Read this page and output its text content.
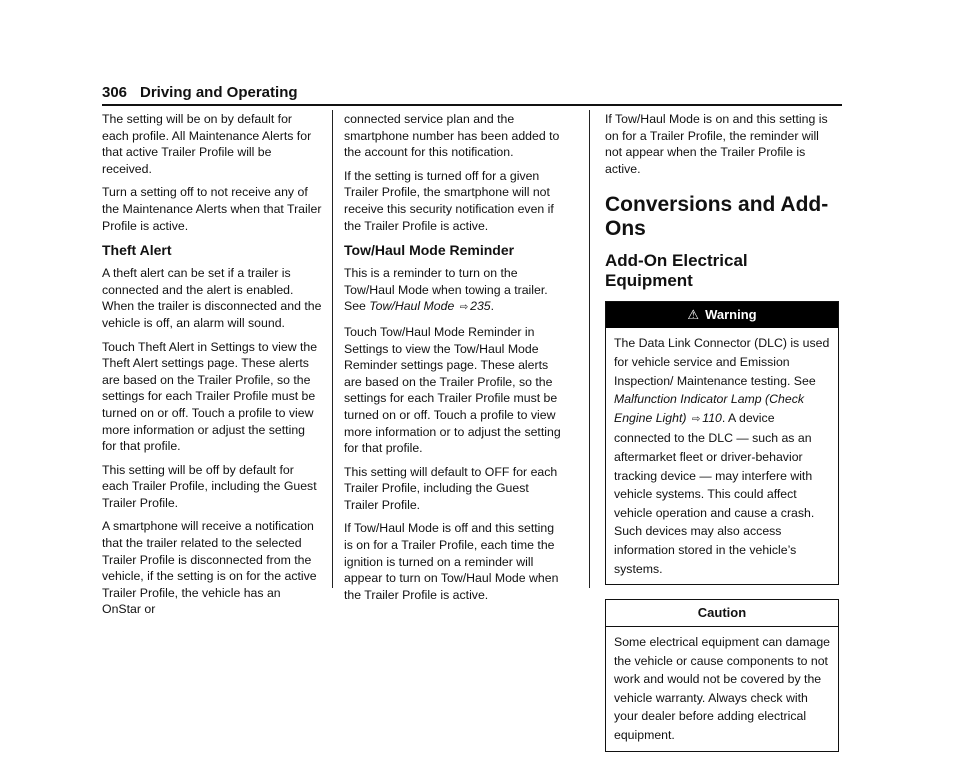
306 Driving and Operating

The setting will be on by default for each profile. All Maintenance Alerts for that active Trailer Profile will be received.

Turn a setting off to not receive any of the Maintenance Alerts when that Trailer Profile is active.

Theft Alert

A theft alert can be set if a trailer is connected and the alert is enabled. When the trailer is disconnected and the vehicle is off, an alarm will sound.

Touch Theft Alert in Settings to view the Theft Alert settings page. These alerts are based on the Trailer Profile, so the settings for each Trailer Profile must be turned on or off. Touch a profile to view more information or adjust the setting for that profile.

This setting will be off by default for each Trailer Profile, including the Guest Trailer Profile.

A smartphone will receive a notification that the trailer related to the selected Trailer Profile is disconnected from the vehicle, if the setting is on for the active Trailer Profile, the vehicle has an OnStar or

connected service plan and the smartphone number has been added to the account for this notification.

If the setting is turned off for a given Trailer Profile, the smartphone will not receive this security notification even if the Trailer Profile is active.

Tow/Haul Mode Reminder

This is a reminder to turn on the Tow/Haul Mode when towing a trailer. See Tow/Haul Mode ⇨ 235.

Touch Tow/Haul Mode Reminder in Settings to view the Tow/Haul Mode Reminder settings page. These alerts are based on the Trailer Profile, so the settings for each Trailer Profile must be turned on or off. Touch a profile to view more information or to adjust the setting for that profile.

This setting will default to OFF for each Trailer Profile, including the Guest Trailer Profile.

If Tow/Haul Mode is off and this setting is on for a Trailer Profile, each time the ignition is turned on a reminder will appear to turn on Tow/Haul Mode when the Trailer Profile is active.

If Tow/Haul Mode is on and this setting is on for a Trailer Profile, the reminder will not appear when the Trailer Profile is active.

Conversions and Add-Ons
Add-On Electrical Equipment
⚠ Warning
The Data Link Connector (DLC) is used for vehicle service and Emission Inspection/ Maintenance testing. See Malfunction Indicator Lamp (Check Engine Light) ⇨ 110. A device connected to the DLC — such as an aftermarket fleet or driver-behavior tracking device — may interfere with vehicle systems. This could affect vehicle operation and cause a crash. Such devices may also access information stored in the vehicle’s systems.
Caution
Some electrical equipment can damage the vehicle or cause components to not work and would not be covered by the vehicle warranty. Always check with your dealer before adding electrical equipment.
